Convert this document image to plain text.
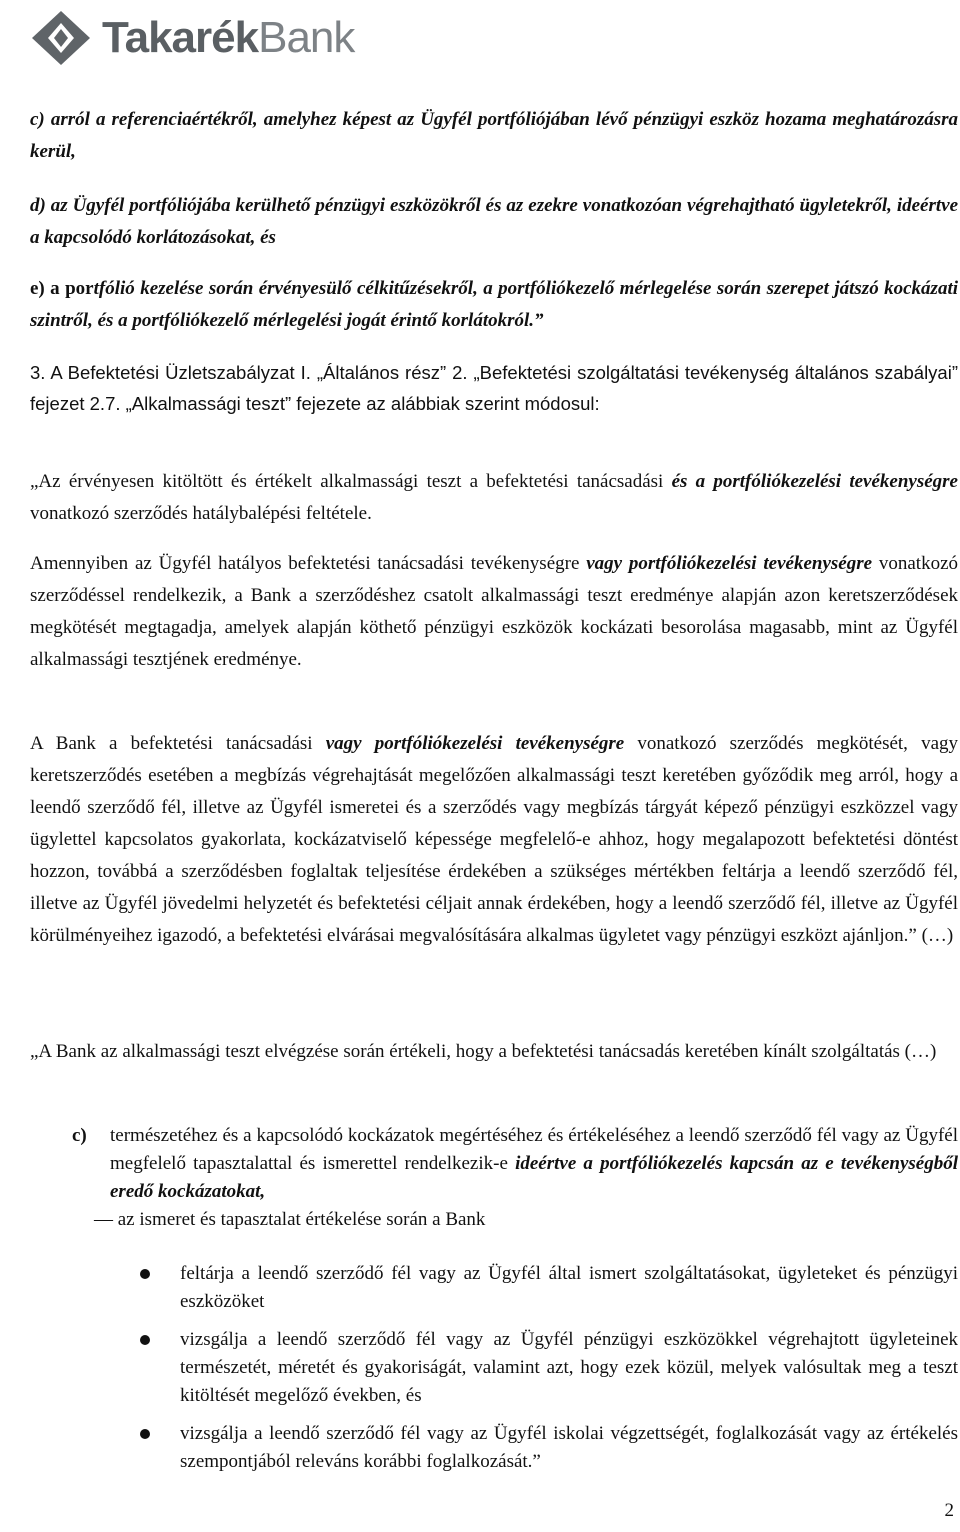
TakarékBank

c) arról a referenciaértékről, amelyhez képest az Ügyfél portfóliójában lévő pénzügyi eszköz hozama meghatározásra kerül,

d) az Ügyfél portfóliójába kerülhető pénzügyi eszközökről és az ezekre vonatkozóan végrehajtható ügyletekről, ideértve a kapcsolódó korlátozásokat, és

e) a portfólió kezelése során érvényesülő célkitűzésekről, a portfóliókezelő mérlegelése során szerepet játszó kockázati szintről, és a portfóliókezelő mérlegelési jogát érintő korlátokról.”

3. A Befektetési Üzletszabályzat I. „Általános rész” 2. „Befektetési szolgáltatási tevékenység általános szabályai” fejezet 2.7. „Alkalmassági teszt” fejezete az alábbiak szerint módosul:

„Az érvényesen kitöltött és értékelt alkalmassági teszt a befektetési tanácsadási és a portfóliókezelési tevékenységre vonatkozó szerződés hatálybalépési feltétele.

Amennyiben az Ügyfél hatályos befektetési tanácsadási tevékenységre vagy portfóliókezelési tevékenységre vonatkozó szerződéssel rendelkezik, a Bank a szerződéshez csatolt alkalmassági teszt eredménye alapján azon keretszerződések megkötését megtagadja, amelyek alapján köthető pénzügyi eszközök kockázati besorolása magasabb, mint az Ügyfél alkalmassági tesztjének eredménye.

A Bank a befektetési tanácsadási vagy portfóliókezelési tevékenységre vonatkozó szerződés megkötését, vagy keretszerződés esetében a megbízás végrehajtását megelőzően alkalmassági teszt keretében győződik meg arról, hogy a leendő szerződő fél, illetve az Ügyfél ismeretei és a szerződés vagy megbízás tárgyát képező pénzügyi eszközzel vagy ügylettel kapcsolatos gyakorlata, kockázatviselő képessége megfelelő-e ahhoz, hogy megalapozott befektetési döntést hozzon, továbbá a szerződésben foglaltak teljesítése érdekében a szükséges mértékben feltárja a leendő szerződő fél, illetve az Ügyfél jövedelmi helyzetét és befektetési céljait annak érdekében, hogy a leendő szerződő fél, illetve az Ügyfél körülményeihez igazodó, a befektetési elvárásai megvalósítására alkalmas ügyletet vagy pénzügyi eszközt ajánljon.” (…)

„A Bank az alkalmassági teszt elvégzése során értékeli, hogy a befektetési tanácsadás keretében kínált szolgáltatás (…)

c) természetéhez és a kapcsolódó kockázatok megértéséhez és értékeléséhez a leendő szerződő fél vagy az Ügyfél megfelelő tapasztalattal és ismerettel rendelkezik-e ideértve a portfóliókezelés kapcsán az e tevékenységből eredő kockázatokat,

— az ismeret és tapasztalat értékelése során a Bank

feltárja a leendő szerződő fél vagy az Ügyfél által ismert szolgáltatásokat, ügyleteket és pénzügyi eszközöket

vizsgálja a leendő szerződő fél vagy az Ügyfél pénzügyi eszközökkel végrehajtott ügyleteinek természetét, méretét és gyakoriságát, valamint azt, hogy ezek közül, melyek valósultak meg a teszt kitöltését megelőző években, és

vizsgálja a leendő szerződő fél vagy az Ügyfél iskolai végzettségét, foglalkozását vagy az értékelés szempontjából releváns korábbi foglalkozását.”

2
